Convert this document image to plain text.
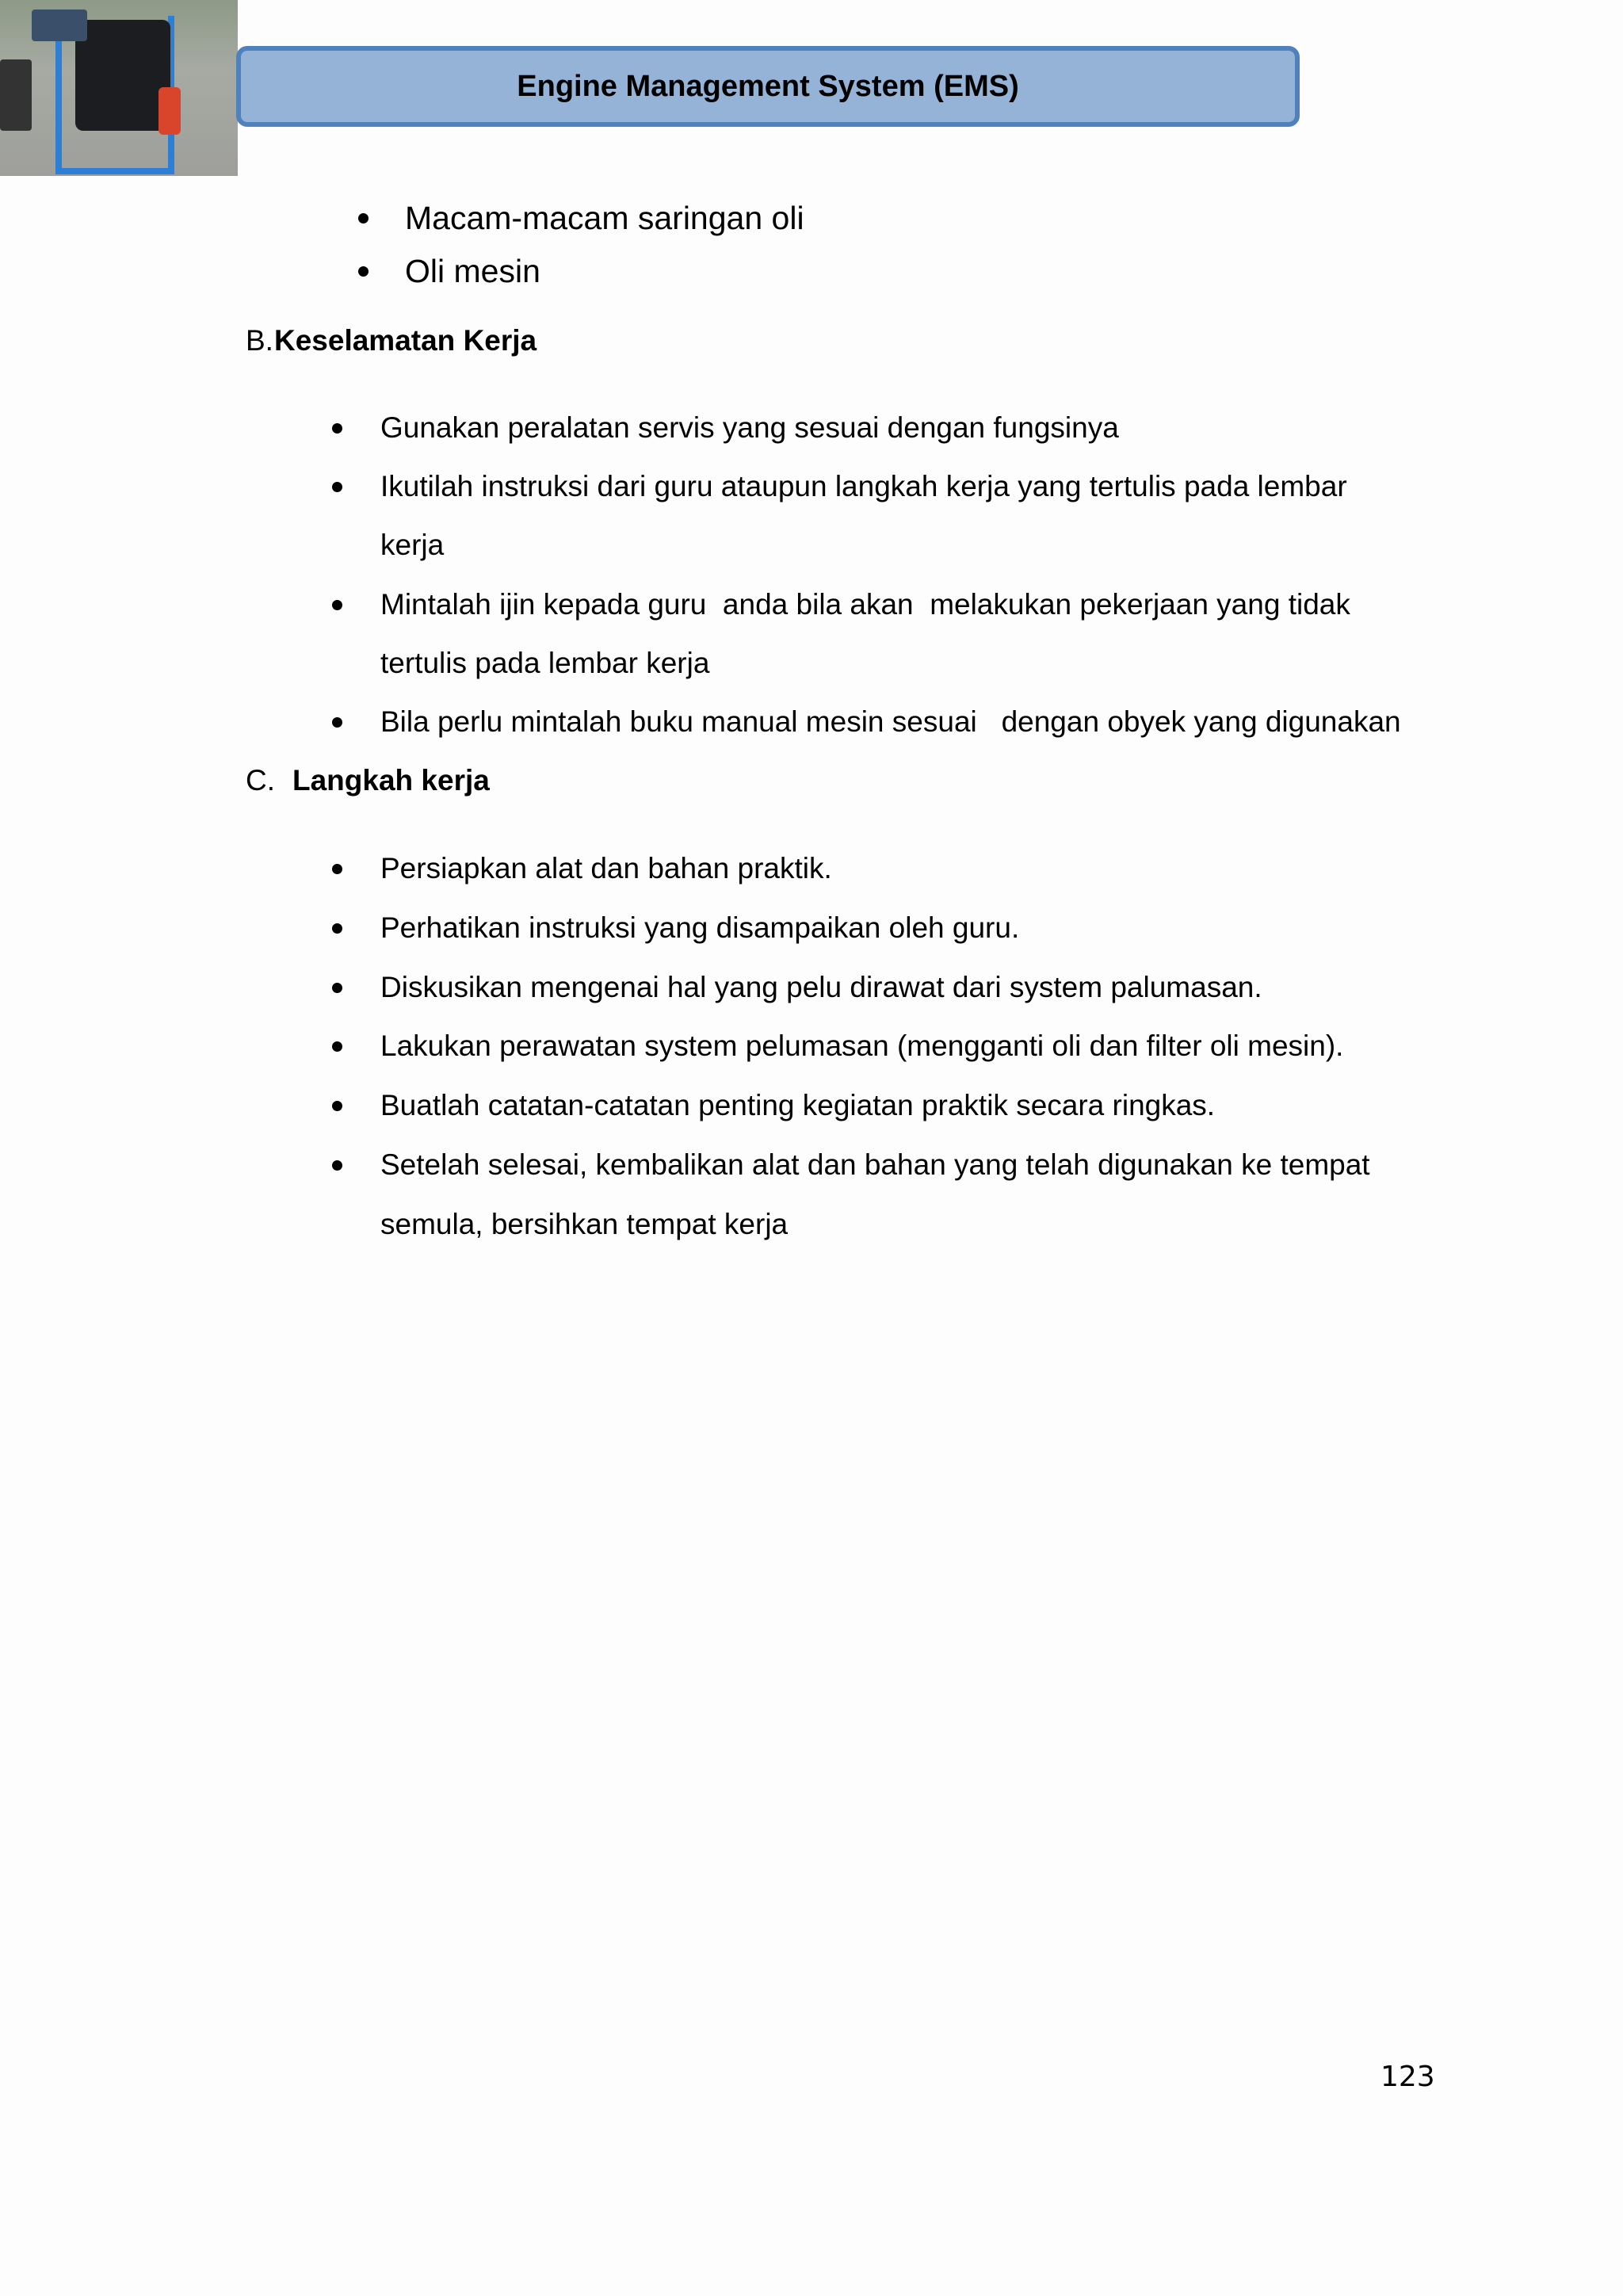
Engine Management System (EMS)
Macam-macam saringan oli
Oli mesin
B. Keselamatan Kerja
Gunakan peralatan servis yang sesuai dengan fungsinya
Ikutilah instruksi dari guru ataupun langkah kerja yang tertulis pada lembar
kerja
Mintalah ijin kepada guru  anda bila akan  melakukan pekerjaan yang tidak
tertulis pada lembar kerja
Bila perlu mintalah buku manual mesin sesuai   dengan obyek yang digunakan
C. Langkah kerja
Persiapkan alat dan bahan praktik.
Perhatikan instruksi yang disampaikan oleh guru.
Diskusikan mengenai hal yang pelu dirawat dari system palumasan.
Lakukan perawatan system pelumasan (mengganti oli dan filter oli mesin).
Buatlah catatan-catatan penting kegiatan praktik secara ringkas.
Setelah selesai, kembalikan alat dan bahan yang telah digunakan ke tempat
semula, bersihkan tempat kerja
123
